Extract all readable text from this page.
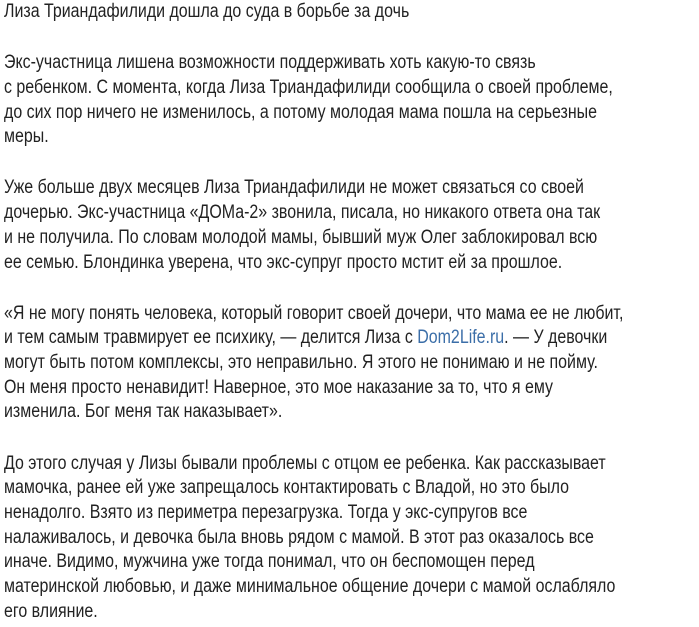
Лиза Триандафилиди дошла до суда в борьбе за дочь
Экс-участница лишена возможности поддерживать хоть какую-то связь
с ребенком. С момента, когда Лиза Триандафилиди сообщила о своей проблеме,
до сих пор ничего не изменилось, а потому молодая мама пошла на серьезные
меры.
Уже больше двух месяцев Лиза Триандафилиди не может связаться со своей
дочерью. Экс-участница «ДОМа-2» звонила, писала, но никакого ответа она так
и не получила. По словам молодой мамы, бывший муж Олег заблокировал всю
ее семью. Блондинка уверена, что экс-супруг просто мстит ей за прошлое.
«Я не могу понять человека, который говорит своей дочери, что мама ее не любит,
и тем самым травмирует ее психику, — делится Лиза с Dom2Life.ru. — У девочки
могут быть потом комплексы, это неправильно. Я этого не понимаю и не пойму.
Он меня просто ненавидит! Наверное, это мое наказание за то, что я ему
изменила. Бог меня так наказывает».
До этого случая у Лизы бывали проблемы с отцом ее ребенка. Как рассказывает
мамочка, ранее ей уже запрещалось контактировать с Владой, но это было
ненадолго. Взято из периметра перезагрузка. Тогда у экс-супругов все
налаживалось, и девочка была вновь рядом с мамой. В этот раз оказалось все
иначе. Видимо, мужчина уже тогда понимал, что он беспомощен перед
материнской любовью, и даже минимальное общение дочери с мамой ослабляло
его влияние.
